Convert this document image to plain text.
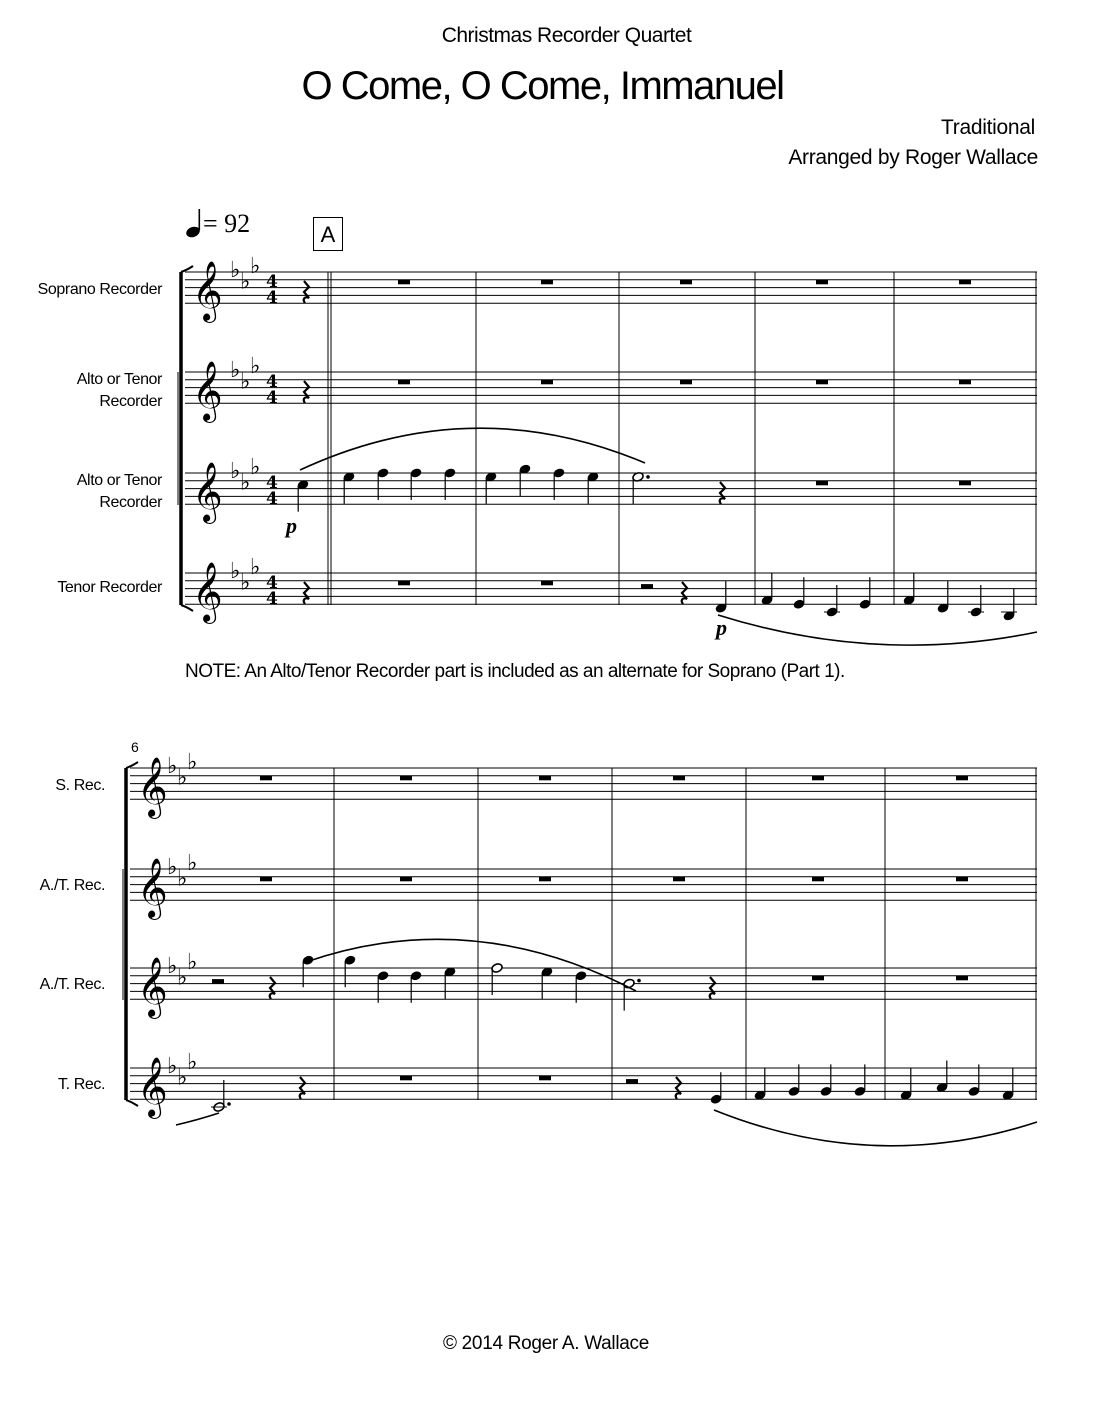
Christmas Recorder Quartet
O Come, O Come, Immanuel
Traditional
Arranged by Roger Wallace
= 92	A
Soprano Recorder
Alto or Tenor
Recorder
Alto or Tenor
Recorder
Tenor Recorder
NOTE: An Alto/Tenor Recorder part is included as an alternate for Soprano (Part 1).
6
S. Rec.
A./T. Rec.
A./T. Rec.
T. Rec.
© 2014 Roger A. Wallace
𝄞 ♭ ♭
♭
4
4
𝄞 ♭ ♭
♭
4
4
𝄞 ♭ ♭
♭
4
4
𝄞 ♭ ♭
♭
4
4
𝄞 ♭ ♭
♭
𝄞 ♭ ♭
♭
𝄞 ♭ ♭
♭
𝄞 ♭ ♭
♭
p
p
